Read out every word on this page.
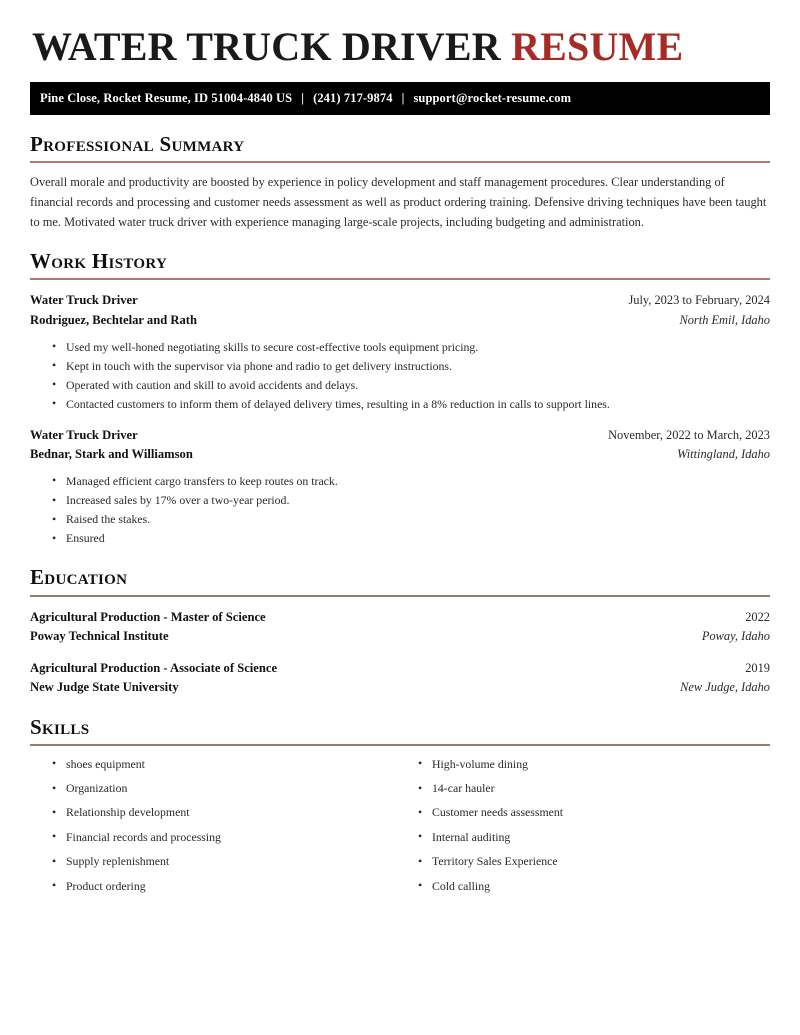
WATER TRUCK DRIVER RESUME
Pine Close, Rocket Resume, ID 51004-4840 US | (241) 717-9874 | support@rocket-resume.com
Professional Summary

Overall morale and productivity are boosted by experience in policy development and staff management procedures. Clear understanding of financial records and processing and customer needs assessment as well as product ordering training. Defensive driving techniques have been taught to me. Motivated water truck driver with experience managing large-scale projects, including budgeting and administration.

Work History
Water Truck Driver	July, 2023 to February, 2024
Rodriguez, Bechtelar and Rath	North Emil, Idaho
• Used my well-honed negotiating skills to secure cost-effective tools equipment pricing.
• Kept in touch with the supervisor via phone and radio to get delivery instructions.
• Operated with caution and skill to avoid accidents and delays.
• Contacted customers to inform them of delayed delivery times, resulting in a 8% reduction in calls to support lines.
Water Truck Driver	November, 2022 to March, 2023
Bednar, Stark and Williamson	Wittingland, Idaho
• Managed efficient cargo transfers to keep routes on track.
• Increased sales by 17% over a two-year period.
• Raised the stakes.
• Ensured
Education
Agricultural Production - Master of Science	2022
Poway Technical Institute	Poway, Idaho
Agricultural Production - Associate of Science	2019
New Judge State University	New Judge, Idaho
Skills
• shoes equipment
• Organization
• Relationship development
• Financial records and processing
• Supply replenishment
• Product ordering
• High-volume dining
• 14-car hauler
• Customer needs assessment
• Internal auditing
• Territory Sales Experience
• Cold calling
